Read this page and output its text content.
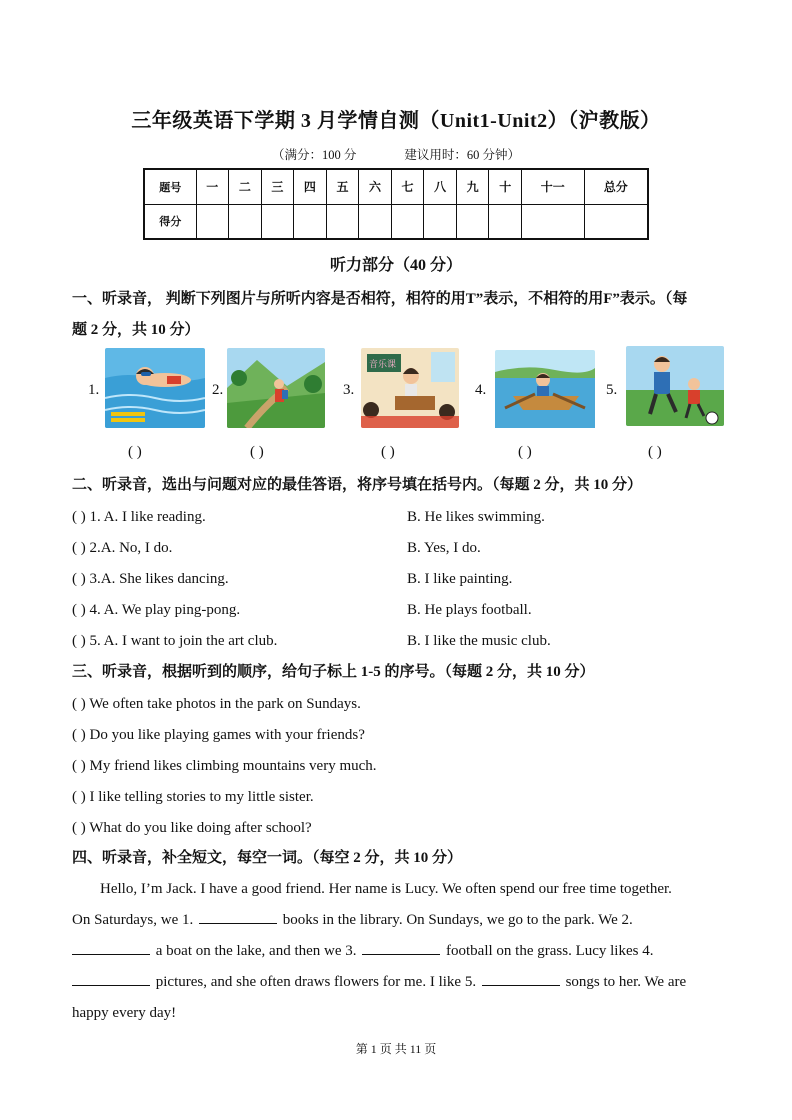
三年级英语下学期 3 月学情自测（Unit1-Unit2）（沪教版）
（满分：100 分	建议用时：60 分钟）
题号	一	二	三	四	五	六	七	八	九	十	十一	总分
得分												
听力部分（40 分）
一、听录音， 判断下列图片与所听内容是否相符，相符的用T”表示，不相符的用F”表示。（每
题 2 分，共 10 分）
1.	2.	3.
音乐课
4.	5.
( )	( )	( )	( )	( )
二、听录音，选出与问题对应的最佳答语，将序号填在括号内。（每题 2 分，共 10 分）
( ) 1. A. I like reading.	B. He likes swimming.
( ) 2.A. No, I do.	B. Yes, I do.
( ) 3.A. She likes dancing.	B. I like painting.
( ) 4. A. We play ping-pong.	B. He plays football.
( ) 5. A. I want to join the art club.	B. I like the music club.
三、听录音，根据听到的顺序，给句子标上 1-5 的序号。（每题 2 分，共 10 分）
( ) We often take photos in the park on Sundays.
( ) Do you like playing games with your friends?
( ) My friend likes climbing mountains very much.
( ) I like telling stories to my little sister.
( ) What do you like doing after school?
四、听录音，补全短文，每空一词。（每空 2 分，共 10 分）
Hello, I’m Jack. I have a good friend. Her name is Lucy. We often spend our free time together.
On Saturdays, we 1.	books in the library. On Sundays, we go to the park. We 2.
a boat on the lake, and then we 3.	football on the grass. Lucy likes 4.
pictures, and she often draws flowers for me. I like 5.	songs to her. We are
happy every day!
第 1 页 共 11 页
